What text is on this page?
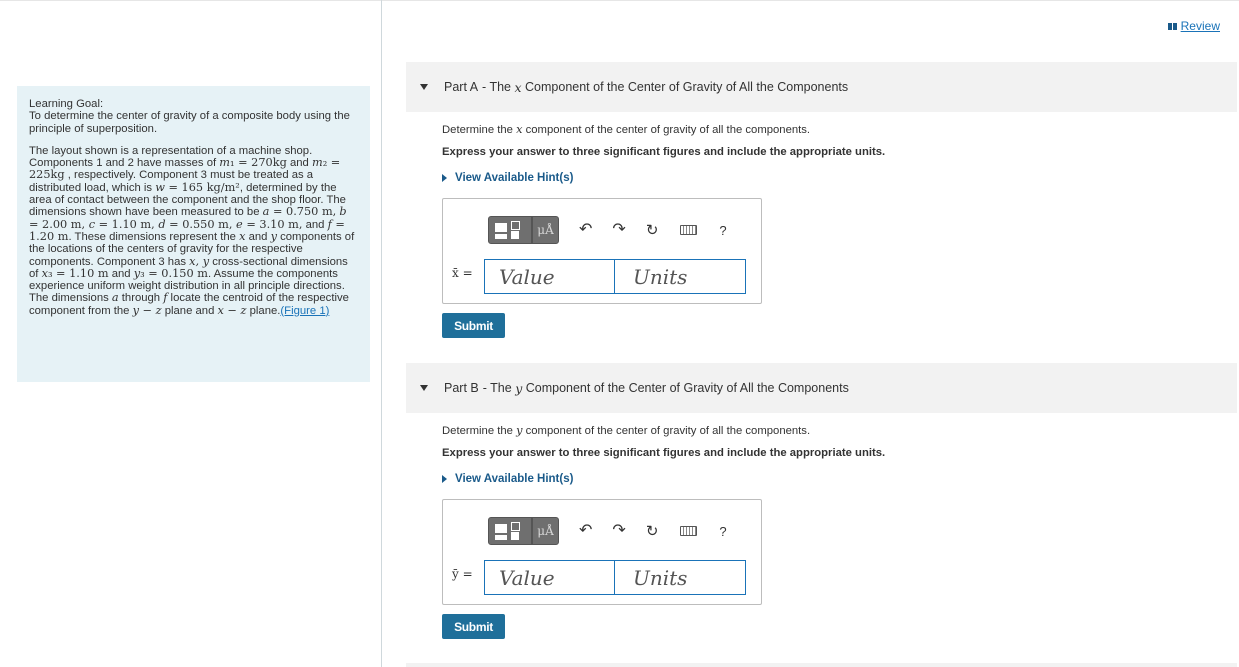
Learning Goal:

To determine the center of gravity of a composite body using the principle of superposition.

The layout shown is a representation of a machine shop. Components 1 and 2 have masses of m₁ = 270kg and m₂ = 225kg , respectively. Component 3 must be treated as a distributed load, which is w = 165 kg/m², determined by the area of contact between the component and the shop floor. The dimensions shown have been measured to be a = 0.750 m, b = 2.00 m, c = 1.10 m, d = 0.550 m, e = 3.10 m, and f = 1.20 m. These dimensions represent the x and y components of the locations of the centers of gravity for the respective components. Component 3 has x, y cross-sectional dimensions of x₃ = 1.10 m and y₃ = 0.150 m. Assume the components experience uniform weight distribution in all principle directions. The dimensions a through f locate the centroid of the respective component from the y − z plane and x − z plane.(Figure 1)

Review
Part A - The
x
Component of the Center of Gravity of All the Components
Determine the x component of the center of gravity of all the components.
Express your answer to three significant figures and include the appropriate units.
View Available Hint(s)
μÅ	↶ ↷ ↻	?
x̄ =	Value	Units
Submit
Part B - The
y
Component of the Center of Gravity of All the Components
Determine the y component of the center of gravity of all the components.
Express your answer to three significant figures and include the appropriate units.
View Available Hint(s)
μÅ	↶ ↷ ↻	?
ȳ =	Value	Units
Submit
